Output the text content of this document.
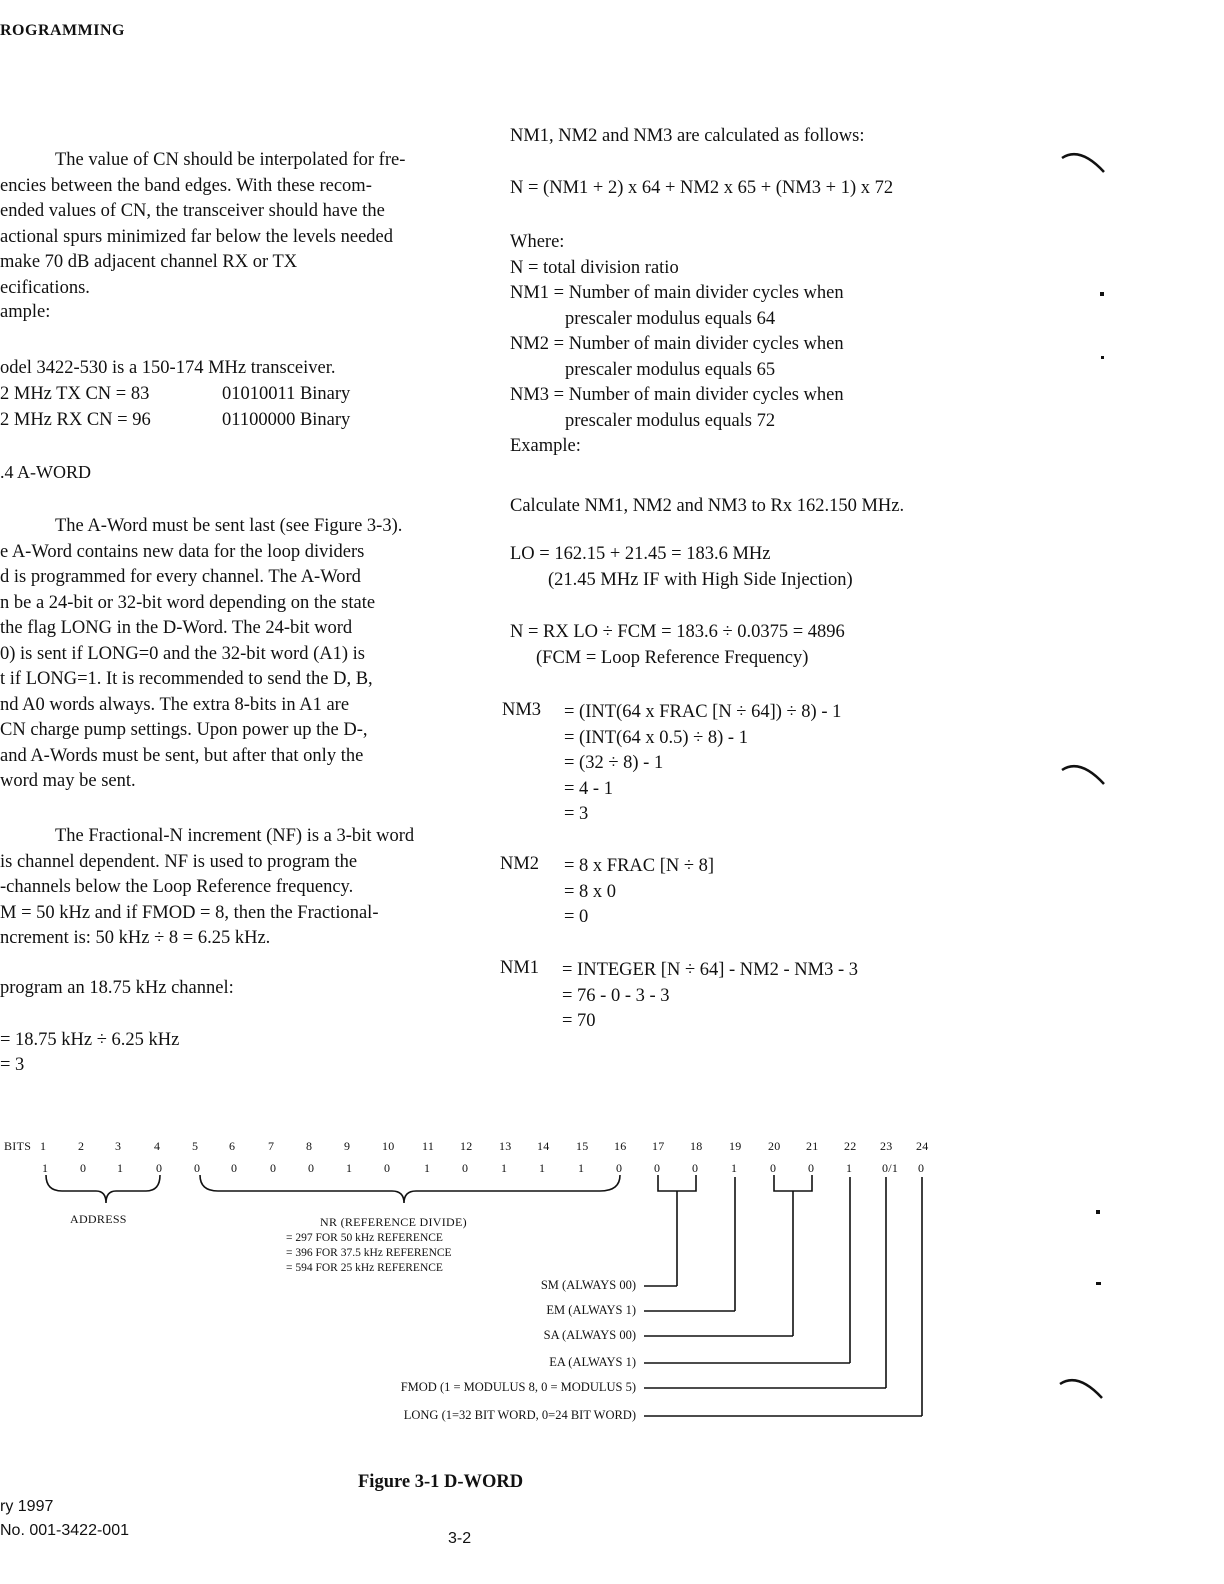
ROGRAMMING
The value of CN should be interpolated for fre-
encies between the band edges. With these recom-
ended values of CN, the transceiver should have the
actional spurs minimized far below the levels needed
make 70 dB adjacent channel RX or TX
ecifications.
ample:
odel 3422-530 is a 150-174 MHz transceiver.
2 MHz TX CN = 83	01010011 Binary
2 MHz RX CN = 96	01100000 Binary
.4 A-WORD
The A-Word must be sent last (see Figure 3-3).
e A-Word contains new data for the loop dividers
d is programmed for every channel. The A-Word
n be a 24-bit or 32-bit word depending on the state
the flag LONG in the D-Word. The 24-bit word
0) is sent if LONG=0 and the 32-bit word (A1) is
t if LONG=1. It is recommended to send the D, B,
nd A0 words always. The extra 8-bits in A1 are
CN charge pump settings. Upon power up the D-,
and A-Words must be sent, but after that only the
word may be sent.
The Fractional-N increment (NF) is a 3-bit word
is channel dependent. NF is used to program the
-channels below the Loop Reference frequency.
M = 50 kHz and if FMOD = 8, then the Fractional-
ncrement is: 50 kHz ÷ 8 = 6.25 kHz.
program an 18.75 kHz channel:
= 18.75 kHz ÷ 6.25 kHz
= 3
NM1, NM2 and NM3 are calculated as follows:
N = (NM1 + 2) x 64 + NM2 x 65 + (NM3 + 1) x 72
Where:
N = total division ratio
NM1 = Number of main divider cycles when
prescaler modulus equals 64
NM2 = Number of main divider cycles when
prescaler modulus equals 65
NM3 = Number of main divider cycles when
prescaler modulus equals 72
Example:
Calculate NM1, NM2 and NM3 to Rx 162.150 MHz.
LO = 162.15 + 21.45 = 183.6 MHz
(21.45 MHz IF with High Side Injection)
N = RX LO ÷ FCM = 183.6 ÷ 0.0375 = 4896
(FCM = Loop Reference Frequency)
NM3 = (INT(64 x FRAC [N ÷ 64]) ÷ 8) - 1
= (INT(64 x 0.5) ÷ 8) - 1
= (32 ÷ 8) - 1
= 4 - 1
= 3
NM2 = 8 x FRAC [N ÷ 8]
= 8 x 0
= 0
NM1 = INTEGER [N ÷ 64] - NM2 - NM3 - 3
= 76 - 0 - 3 - 3
= 70
BITS 1	2	3	4	5	6	7	8	9	10 11 12 13 14 15 16 17 18 19 20 21 22 23 24
1	0	1	0	0	0	0	0	1	0	1	0	1	1	1	0	0	0	1	0	0	1 0/1 0
ADDRESS	NR (REFERENCE DIVIDE)
= 297 FOR 50 kHz REFERENCE
= 396 FOR 37.5 kHz REFERENCE
= 594 FOR 25 kHz REFERENCE
SM (ALWAYS 00)
EM (ALWAYS 1)
SA (ALWAYS 00)
EA (ALWAYS 1)
FMOD (1 = MODULUS 8, 0 = MODULUS 5)
LONG (1=32 BIT WORD, 0=24 BIT WORD)
Figure 3-1 D-WORD
ry 1997
No. 001-3422-001	3-2
